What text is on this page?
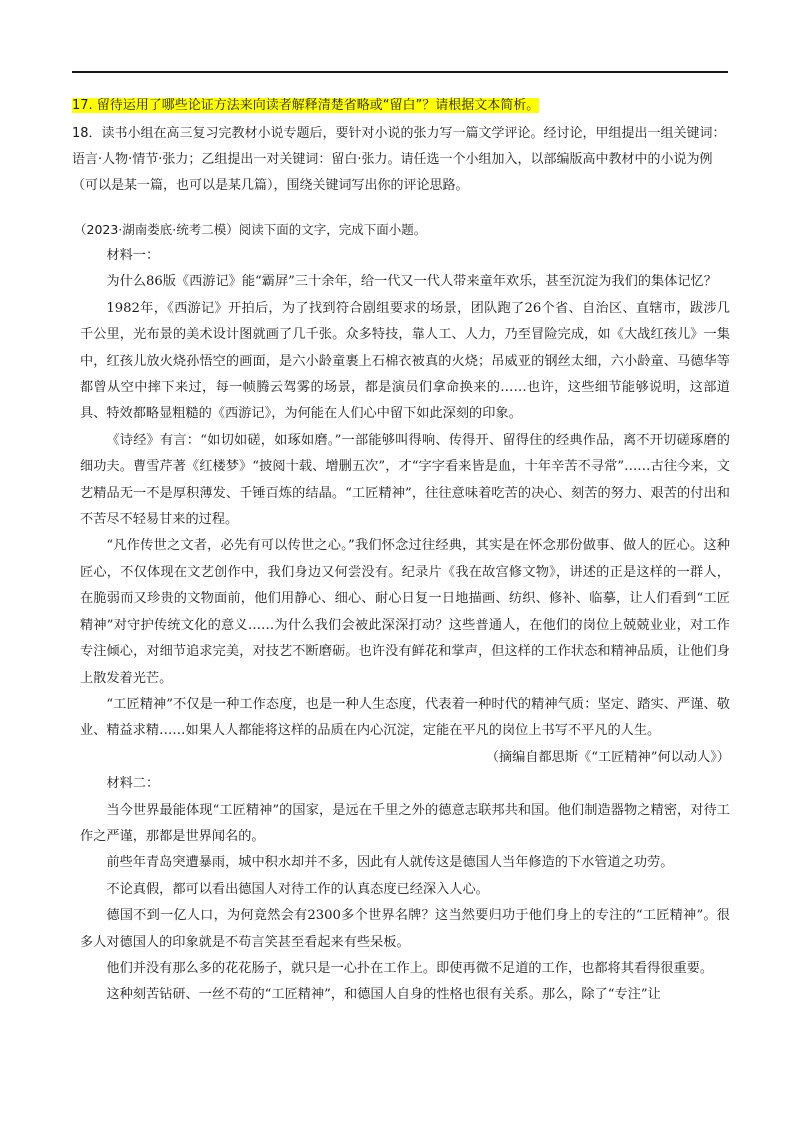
17. 留待运用了哪些论证方法来向读者解释清楚省略或“留白”？请根据文本简析。
18．读书小组在高三复习完教材小说专题后，要针对小说的张力写一篇文学评论。经讨论，甲组提出一组关键词：语言·人物·情节·张力；乙组提出一对关键词：留白·张力。请任选一个小组加入，以部编版高中教材中的小说为例（可以是某一篇，也可以是某几篇），围绕关键词写出你的评论思路。
（2023·湖南娄底·统考二模）阅读下面的文字，完成下面小题。

材料一：

为什么86版《西游记》能“霸屏”三十余年，给一代又一代人带来童年欢乐，甚至沉淀为我们的集体记忆？

1982年，《西游记》开拍后，为了找到符合剧组要求的场景，团队跑了26个省、自治区、直辖市，跋涉几千公里，光布景的美术设计图就画了几千张。众多特技，靠人工、人力，乃至冒险完成，如《大战红孩儿》一集中，红孩儿放火烧孙悟空的画面，是六小龄童裹上石棉衣被真的火烧；吊威亚的钢丝太细，六小龄童、马德华等都曾从空中摔下来过，每一帧腾云驾雾的场景，都是演员们拿命换来的……也许，这些细节能够说明，这部道具、特效都略显粗糙的《西游记》，为何能在人们心中留下如此深刻的印象。

《诗经》有言：“如切如磋，如琢如磨。”一部能够叫得响、传得开、留得住的经典作品，离不开切磋琢磨的细功夫。曹雪芹著《红楼梦》“披阅十载、增删五次”，才“字字看来皆是血，十年辛苦不寻常”……古往今来，文艺精品无一不是厚积薄发、千锤百炼的结晶。“工匠精神”，往往意味着吃苦的决心、刻苦的努力、艰苦的付出和不苦尽不轻易甘来的过程。

“凡作传世之文者，必先有可以传世之心。”我们怀念过往经典，其实是在怀念那份做事、做人的匠心。这种匠心，不仅体现在文艺创作中，我们身边又何尝没有。纪录片《我在故宫修文物》，讲述的正是这样的一群人，在脆弱而又珍贵的文物面前，他们用静心、细心、耐心日复一日地描画、纺织、修补、临摹，让人们看到“工匠精神”对守护传统文化的意义……为什么我们会被此深深打动？这些普通人，在他们的岗位上兢兢业业，对工作专注倾心，对细节追求完美，对技艺不断磨砺。也许没有鲜花和掌声，但这样的工作状态和精神品质，让他们身上散发着光芒。

“工匠精神”不仅是一种工作态度，也是一种人生态度，代表着一种时代的精神气质：坚定、踏实、严谨、敬业、精益求精……如果人人都能将这样的品质在内心沉淀，定能在平凡的岗位上书写不平凡的人生。

（摘编自都思斯《“工匠精神”何以动人》）

材料二：

当今世界最能体现“工匠精神”的国家，是远在千里之外的德意志联邦共和国。他们制造器物之精密，对待工作之严谨，那都是世界闻名的。

前些年青岛突遭暴雨，城中积水却并不多，因此有人就传这是德国人当年修造的下水管道之功劳。

不论真假，都可以看出德国人对待工作的认真态度已经深入人心。

德国不到一亿人口，为何竟然会有2300多个世界名牌？这当然要归功于他们身上的专注的“工匠精神”。很多人对德国人的印象就是不苟言笑甚至看起来有些呆板。

他们并没有那么多的花花肠子，就只是一心扑在工作上。即使再微不足道的工作，也都将其看得很重要。

这种刻苦钻研、一丝不苟的“工匠精神”，和德国人自身的性格也很有关系。那么，除了“专注”让
